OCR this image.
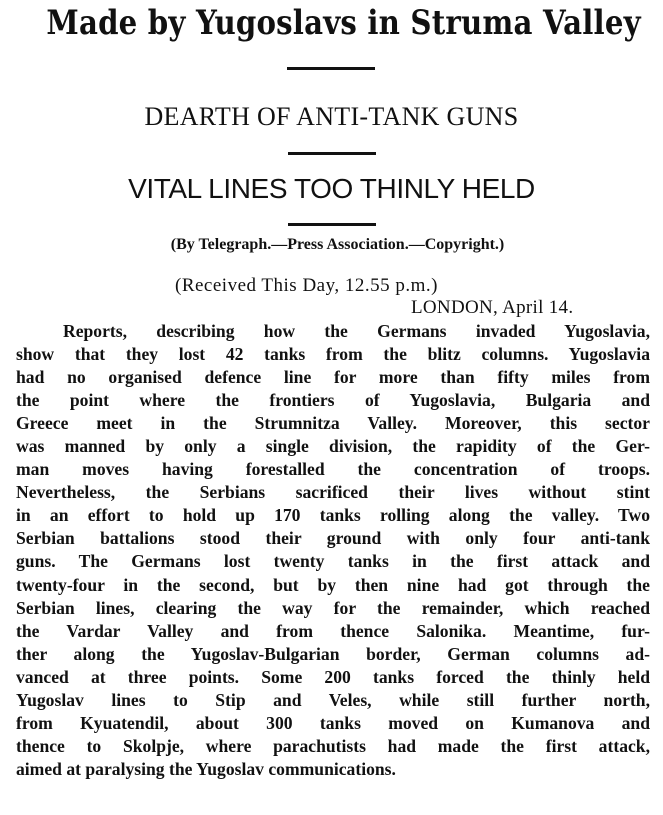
Made by Yugoslavs in Struma Valley
DEARTH OF ANTI-TANK GUNS
VITAL LINES TOO THINLY HELD
(By Telegraph.—Press Association.—Copyright.)
(Received This Day, 12.55 p.m.)
LONDON, April 14.
Reports, describing how the Germans invaded Yugoslavia,
show that they lost 42 tanks from the blitz columns. Yugoslavia
had no organised defence line for more than fifty miles from
the point where the frontiers of Yugoslavia, Bulgaria and
Greece meet in the Strumnitza Valley. Moreover, this sector
was manned by only a single division, the rapidity of the Ger-
man moves having forestalled the concentration of troops.
Nevertheless, the Serbians sacrificed their lives without stint
in an effort to hold up 170 tanks rolling along the valley. Two
Serbian battalions stood their ground with only four anti-tank
guns. The Germans lost twenty tanks in the first attack and
twenty-four in the second, but by then nine had got through the
Serbian lines, clearing the way for the remainder, which reached
the Vardar Valley and from thence Salonika. Meantime, fur-
ther along the Yugoslav-Bulgarian border, German columns ad-
vanced at three points. Some 200 tanks forced the thinly held
Yugoslav lines to Stip and Veles, while still further north,
from Kyuatendil, about 300 tanks moved on Kumanova and
thence to Skolpje, where parachutists had made the first attack,
aimed at paralysing the Yugoslav communications.
